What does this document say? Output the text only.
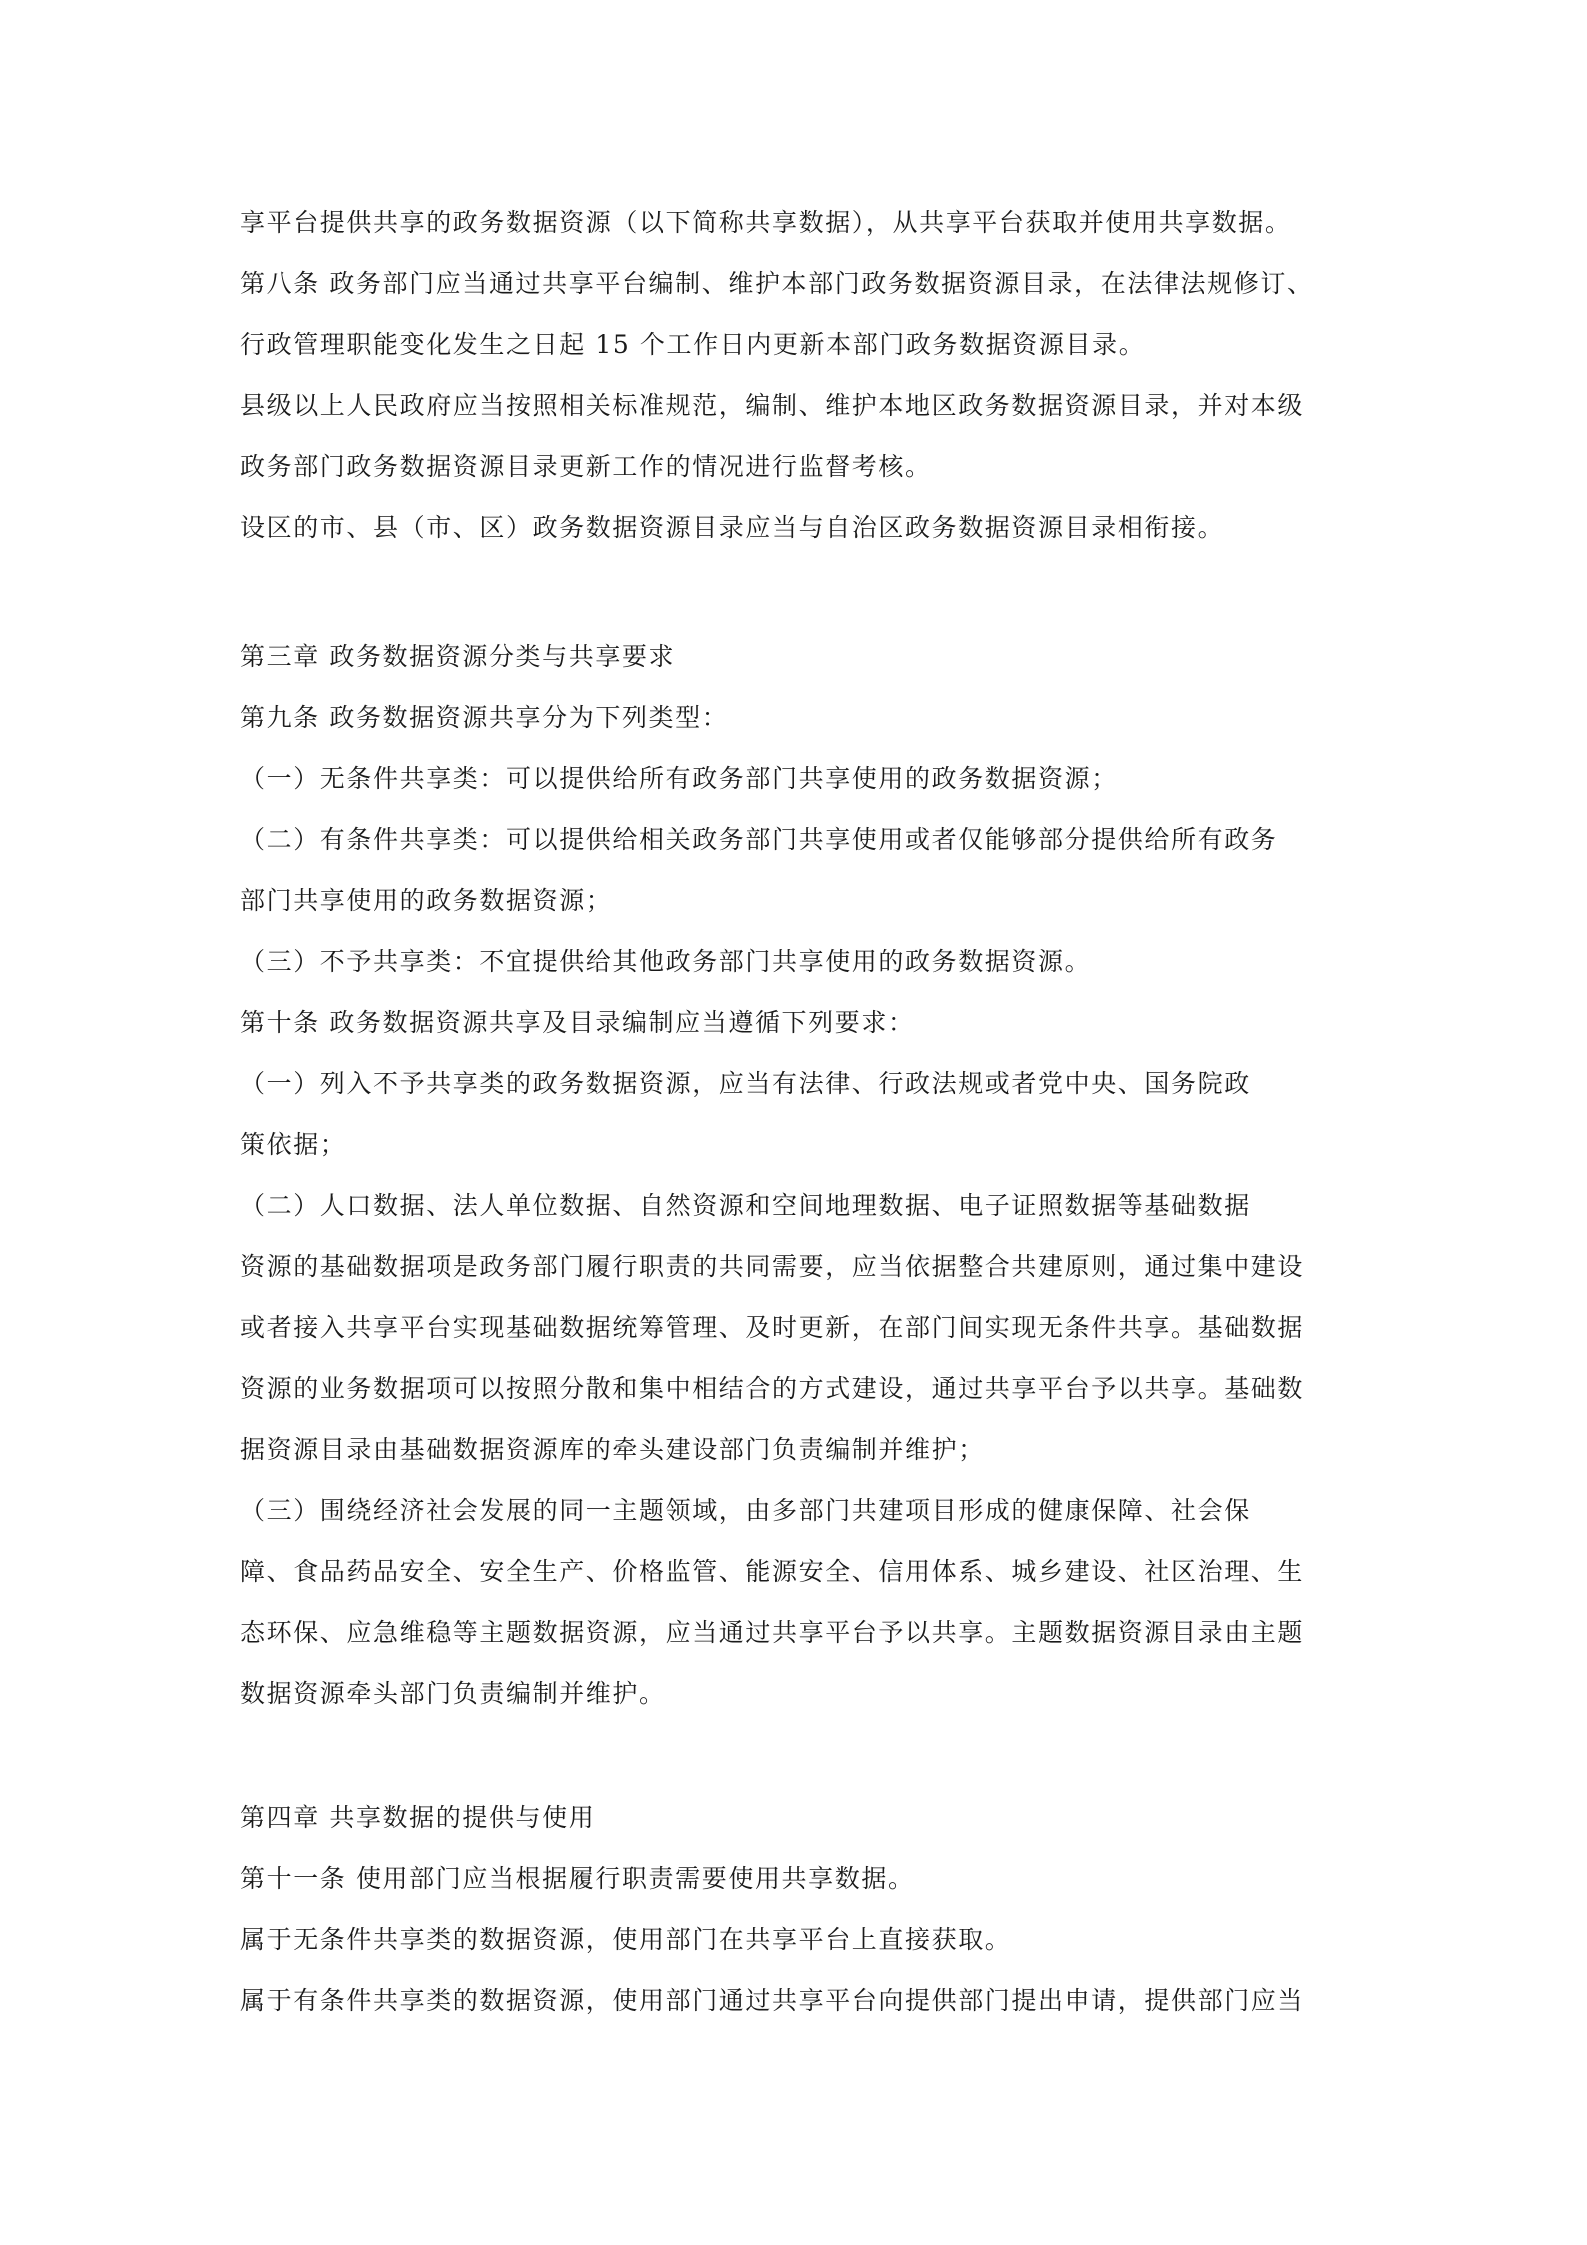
享平台提供共享的政务数据资源（以下简称共享数据），从共享平台获取并使用共享数据。
第八条 政务部门应当通过共享平台编制、维护本部门政务数据资源目录，在法律法规修订、
行政管理职能变化发生之日起 15 个工作日内更新本部门政务数据资源目录。
县级以上人民政府应当按照相关标准规范，编制、维护本地区政务数据资源目录，并对本级
政务部门政务数据资源目录更新工作的情况进行监督考核。
设区的市、县（市、区）政务数据资源目录应当与自治区政务数据资源目录相衔接。
第三章 政务数据资源分类与共享要求
第九条 政务数据资源共享分为下列类型：
（一）无条件共享类：可以提供给所有政务部门共享使用的政务数据资源；
（二）有条件共享类：可以提供给相关政务部门共享使用或者仅能够部分提供给所有政务
部门共享使用的政务数据资源；
（三）不予共享类：不宜提供给其他政务部门共享使用的政务数据资源。
第十条 政务数据资源共享及目录编制应当遵循下列要求：
（一）列入不予共享类的政务数据资源，应当有法律、行政法规或者党中央、国务院政
策依据；
（二）人口数据、法人单位数据、自然资源和空间地理数据、电子证照数据等基础数据
资源的基础数据项是政务部门履行职责的共同需要，应当依据整合共建原则，通过集中建设
或者接入共享平台实现基础数据统筹管理、及时更新，在部门间实现无条件共享。基础数据
资源的业务数据项可以按照分散和集中相结合的方式建设，通过共享平台予以共享。基础数
据资源目录由基础数据资源库的牵头建设部门负责编制并维护；
（三）围绕经济社会发展的同一主题领域，由多部门共建项目形成的健康保障、社会保
障、食品药品安全、安全生产、价格监管、能源安全、信用体系、城乡建设、社区治理、生
态环保、应急维稳等主题数据资源，应当通过共享平台予以共享。主题数据资源目录由主题
数据资源牵头部门负责编制并维护。
第四章 共享数据的提供与使用
第十一条 使用部门应当根据履行职责需要使用共享数据。
属于无条件共享类的数据资源，使用部门在共享平台上直接获取。
属于有条件共享类的数据资源，使用部门通过共享平台向提供部门提出申请，提供部门应当
